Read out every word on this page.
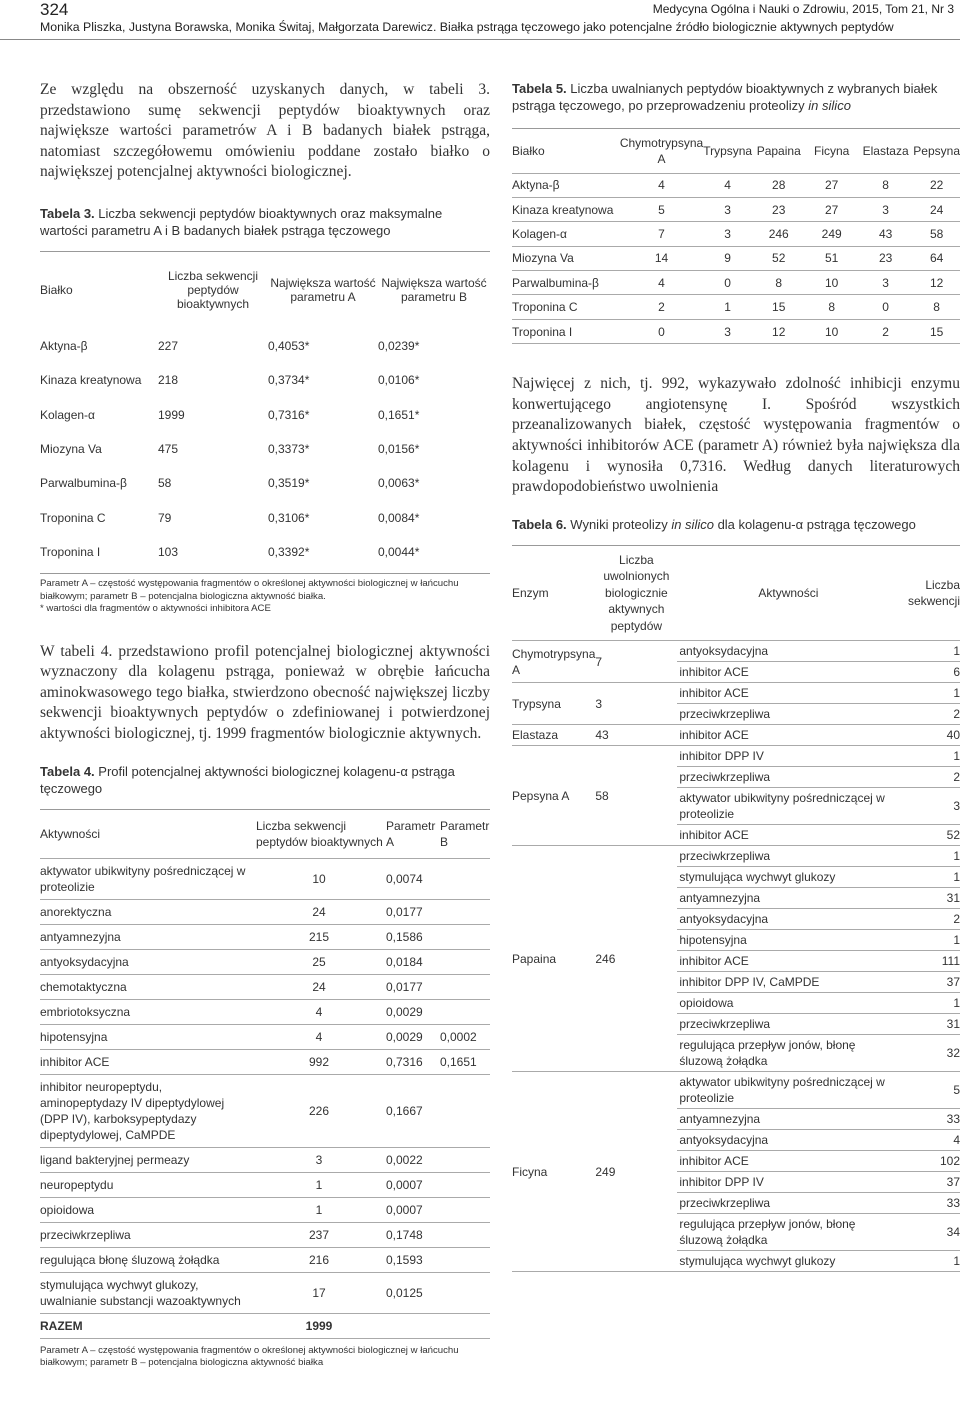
324	Medycyna Ogólna i Nauki o Zdrowiu, 2015, Tom 21, Nr 3
Monika Pliszka, Justyna Borawska, Monika Świtaj, Małgorzata Darewicz. Białka pstrąga tęczowego jako potencjalne źródło biologicznie aktywnych peptydów

Ze względu na obszerność uzyskanych danych, w tabeli 3. przedstawiono sumę sekwencji peptydów bioaktywnych oraz największe wartości parametrów A i B badanych białek pstrąga, natomiast szczegółowemu omówieniu poddane zostało białko o największej potencjalnej aktywności biologicznej.

Tabela 3. Liczba sekwencji peptydów bioaktywnych oraz maksymalne wartości parametru A i B badanych białek pstrąga tęczowego
Białko	Liczba sekwencji peptydów bioaktywnych	Największa wartość parametru A	Największa wartość parametru B
Aktyna-β	227	0,4053*	0,0239*
Kinaza kreatynowa	218	0,3734*	0,0106*
Kolagen-α	1999	0,7316*	0,1651*
Miozyna Va	475	0,3373*	0,0156*
Parwalbumina-β	58	0,3519*	0,0063*
Troponina C	79	0,3106*	0,0084*
Troponina I	103	0,3392*	0,0044*

Parametr A – częstość występowania fragmentów o określonej aktywności biologicznej w łańcuchu białkowym; parametr B – potencjalna biologiczna aktywność białka.

* wartości dla fragmentów o aktywności inhibitora ACE

W tabeli 4. przedstawiono profil potencjalnej biologicznej aktywności wyznaczony dla kolagenu pstrąga, ponieważ w obrębie łańcucha aminokwasowego tego białka, stwierdzono obecność największej liczby sekwencji bioaktywnych peptydów o zdefiniowanej i potwierdzonej aktywności biologicznej, tj. 1999 fragmentów biologicznie aktywnych.

Tabela 4. Profil potencjalnej aktywności biologicznej kolagenu-α pstrąga tęczowego
Aktywności	Liczba sekwencji peptydów bioaktywnych	Parametr A	Parametr B
aktywator ubikwityny pośredniczącej w proteolizie	10	0,0074	
anorektyczna	24	0,0177	
antyamnezyjna	215	0,1586	
antyoksydacyjna	25	0,0184	
chemotaktyczna	24	0,0177	
embriotoksyczna	4	0,0029	
hipotensyjna	4	0,0029	0,0002
inhibitor ACE	992	0,7316	0,1651
inhibitor neuropeptydu, aminopeptydazy IV dipeptydylowej (DPP IV), karboksypeptydazy dipeptydylowej, CaMPDE	226	0,1667	
ligand bakteryjnej permeazy	3	0,0022	
neuropeptydu	1	0,0007	
opioidowa	1	0,0007	
przeciwkrzepliwa	237	0,1748	
regulująca błonę śluzową żołądka	216	0,1593	
stymulująca wychwyt glukozy, uwalnianie substancji wazoaktywnych	17	0,0125	
RAZEM	1999		

Parametr A – częstość występowania fragmentów o określonej aktywności biologicznej w łańcuchu białkowym; parametr B – potencjalna biologiczna aktywność białka

Tabela 5. Liczba uwalnianych peptydów bioaktywnych z wybranych białek pstrąga tęczowego, po przeprowadzeniu proteolizy in silico
Białko	Chymotrypsyna A	Trypsyna	Papaina	Ficyna	Elastaza	Pepsyna
Aktyna-β	4	4	28	27	8	22
Kinaza kreatynowa	5	3	23	27	3	24
Kolagen-α	7	3	246	249	43	58
Miozyna Va	14	9	52	51	23	64
Parwalbumina-β	4	0	8	10	3	12
Troponina C	2	1	15	8	0	8
Troponina I	0	3	12	10	2	15

Najwięcej z nich, tj. 992, wykazywało zdolność inhibicji enzymu konwertującego angiotensynę I. Spośród wszystkich przeanalizowanych białek, częstość występowania fragmentów o aktywności inhibitorów ACE (parametr A) również była największa dla kolagenu i wynosiła 0,7316. Według danych literaturowych prawdopodobieństwo uwolnienia

Tabela 6. Wyniki proteolizy in silico dla kolagenu-α pstrąga tęczowego
Enzym	Liczba uwolnionych biologicznie aktywnych peptydów	Aktywności	Liczba sekwencji
Chymotrypsyna A	7	antyoksydacyjna	1
		inhibitor ACE	6
Trypsyna	3	inhibitor ACE	1
		przeciwkrzepliwa	2
Elastaza	43	inhibitor ACE	40
Pepsyna A	58	inhibitor DPP IV	1
		przeciwkrzepliwa	2
		aktywator ubikwityny pośredniczącej w proteolizie	3
		inhibitor ACE	52
Papaina	246	przeciwkrzepliwa	1
		stymulująca wychwyt glukozy	1
		antyamnezyjna	31
		antyoksydacyjna	2
		hipotensyjna	1
		inhibitor ACE	111
		inhibitor DPP IV, CaMPDE	37
		opioidowa	1
		przeciwkrzepliwa	31
		regulująca przepływ jonów, błonę śluzową żołądka	32
Ficyna	249	aktywator ubikwityny pośredniczącej w proteolizie	5
		antyamnezyjna	33
		antyoksydacyjna	4
		inhibitor ACE	102
		inhibitor DPP IV	37
		przeciwkrzepliwa	33
		regulująca przepływ jonów, błonę śluzową żołądka	34
		stymulująca wychwyt glukozy	1
